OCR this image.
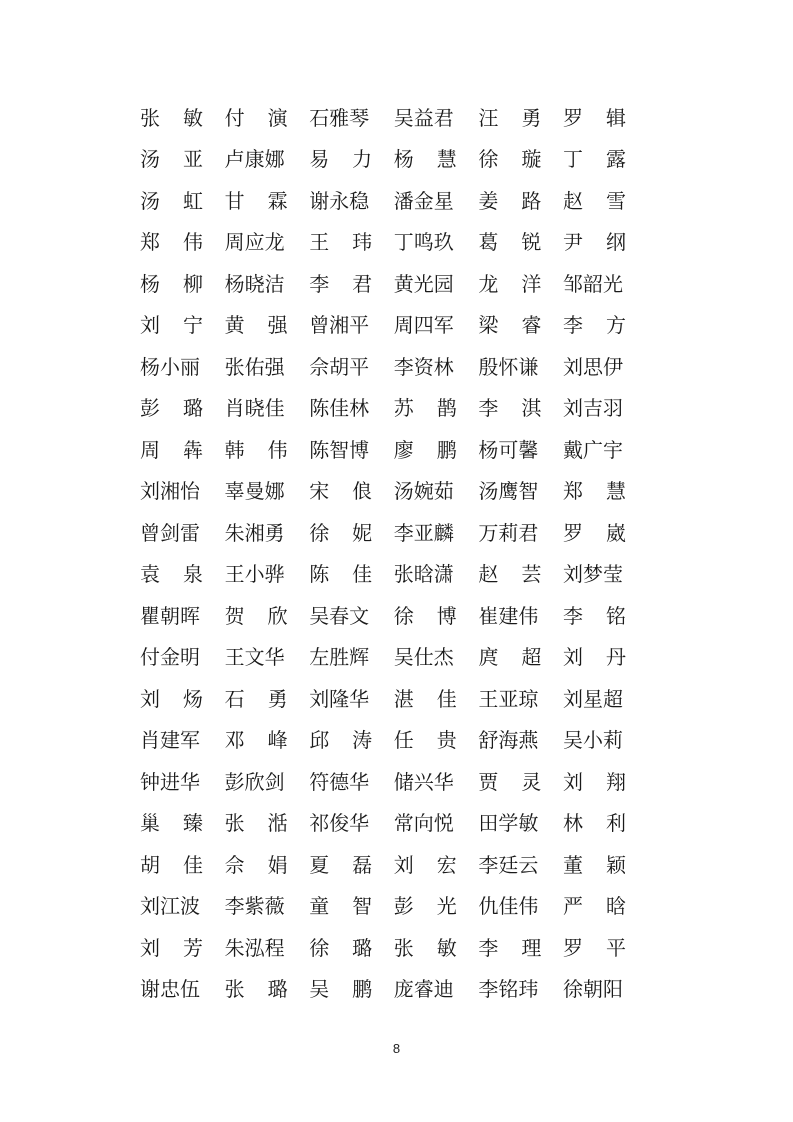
张敏 付演 石雅琴 吴益君 汪勇 罗辑
汤亚 卢康娜 易力 杨慧 徐璇 丁露
汤虹 甘霖 谢永稳 潘金星 姜路 赵雪
郑伟 周应龙 王玮 丁鸣玖 葛锐 尹纲
杨柳 杨晓洁 李君 黄光园 龙洋 邹韶光
刘宁 黄强 曾湘平 周四军 梁睿 李方
杨小丽 张佑强 佘胡平 李资林 殷怀谦 刘思伊
彭璐 肖晓佳 陈佳林 苏鹊 李淇 刘吉羽
周犇 韩伟 陈智博 廖鹏 杨可馨 戴广宇
刘湘怡 辜曼娜 宋俍 汤婉茹 汤鹰智 郑慧
曾剑雷 朱湘勇 徐妮 李亚麟 万莉君 罗崴
袁泉 王小骅 陈佳 张晗潇 赵芸 刘梦莹
瞿朝晖 贺欣 吴春文 徐博 崔建伟 李铭
付金明 王文华 左胜辉 吴仕杰 庹超 刘丹
刘炀 石勇 刘隆华 湛佳 王亚琼 刘星超
肖建军 邓峰 邱涛 任贵 舒海燕 吴小莉
钟进华 彭欣剑 符德华 储兴华 贾灵 刘翔
巢臻 张湉 祁俊华 常向悦 田学敏 林利
胡佳 佘娟 夏磊 刘宏 李廷云 董颖
刘江波 李紫薇 童智 彭光 仇佳伟 严晗
刘芳 朱泓程 徐璐 张敏 李理 罗平
谢忠伍 张璐 吴鹏 庞睿迪 李铭玮 徐朝阳
8
